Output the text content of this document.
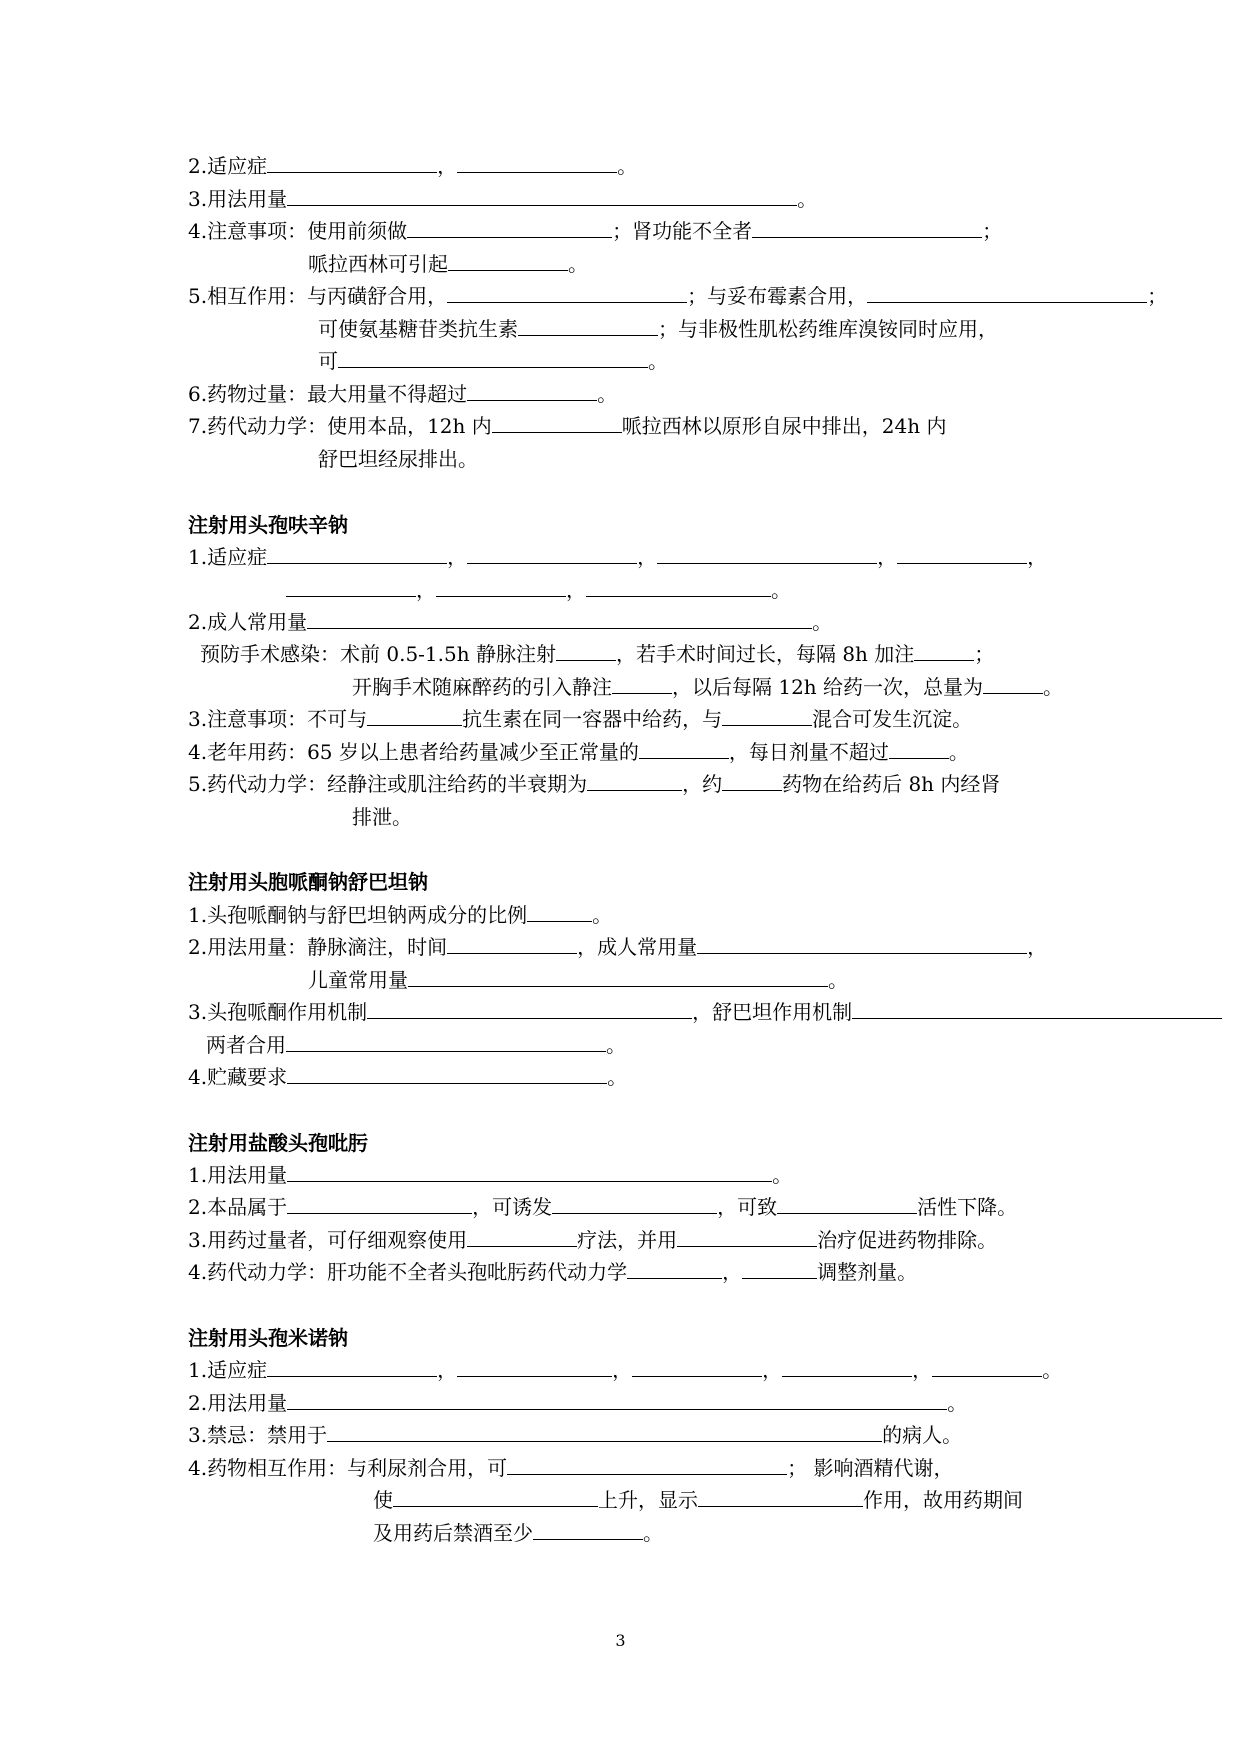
2.适应症	，	。
3.用法用量	。
4.注意事项：使用前须做	；肾功能不全者	；
哌拉西林可引起	。
5.相互作用：与丙磺舒合用，	；与妥布霉素合用，	；
可使氨基糖苷类抗生素	；与非极性肌松药维库溴铵同时应用，
可	。
6.药物过量：最大用量不得超过	。
7.药代动力学：使用本品，12h 内	哌拉西林以原形自尿中排出，24h 内
舒巴坦经尿排出。
注射用头孢呋辛钠
1.适应症	，	，	，	，
，	，	。
2.成人常用量	。
预防手术感染：术前 0.5-1.5h 静脉注射	，若手术时间过长，每隔 8h 加注	；
开胸手术随麻醉药的引入静注	，以后每隔 12h 给药一次，总量为	。
3.注意事项：不可与	抗生素在同一容器中给药，与	混合可发生沉淀。
4.老年用药：65 岁以上患者给药量减少至正常量的	，每日剂量不超过	。
5.药代动力学：经静注或肌注给药的半衰期为	，约	药物在给药后 8h 内经肾
排泄。
注射用头胞哌酮钠舒巴坦钠
1.头孢哌酮钠与舒巴坦钠两成分的比例	。
2.用法用量：静脉滴注，时间	，成人常用量	，
儿童常用量	。
3.头孢哌酮作用机制	，舒巴坦作用机制
两者合用	。
4.贮藏要求	。
注射用盐酸头孢吡肟
1.用法用量	。
2.本品属于	，可诱发	，可致	活性下降。
3.用药过量者，可仔细观察使用	疗法，并用	治疗促进药物排除。
4.药代动力学：肝功能不全者头孢吡肟药代动力学	，	调整剂量。
注射用头孢米诺钠
1.适应症	，	，	，	，	。
2.用法用量	。
3.禁忌：禁用于	的病人。
4.药物相互作用：与利尿剂合用，可	； 影响酒精代谢，
使	上升，显示	作用，故用药期间
及用药后禁酒至少	。
3
